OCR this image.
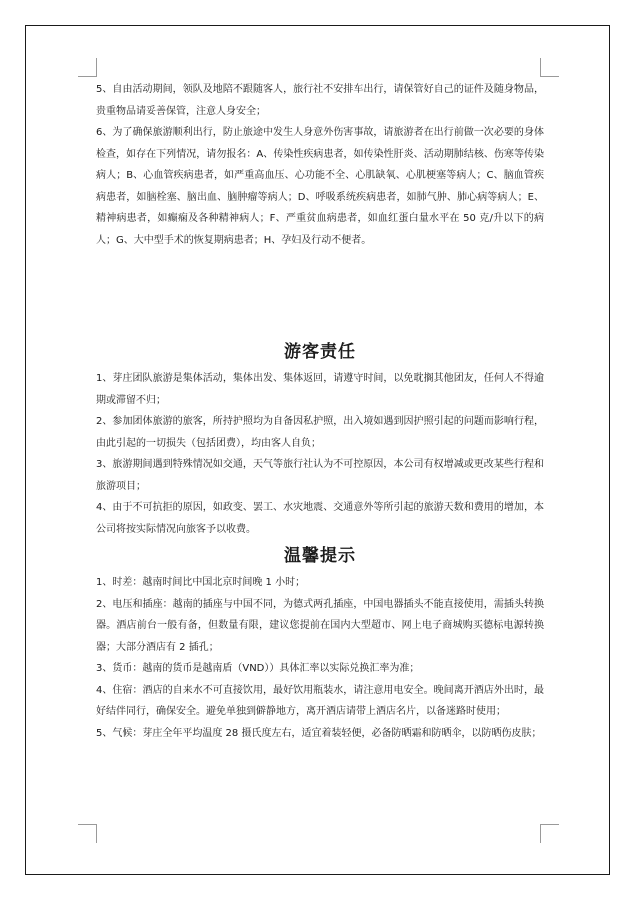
5、自由活动期间，领队及地陪不跟随客人，旅行社不安排车出行，请保管好自己的证件及随身物品，贵重物品请妥善保管，注意人身安全；

6、为了确保旅游顺利出行，防止旅途中发生人身意外伤害事故，请旅游者在出行前做一次必要的身体检查，如存在下列情况，请勿报名：A、传染性疾病患者，如传染性肝炎、活动期肺结核、伤寒等传染病人；B、心血管疾病患者，如严重高血压、心功能不全、心肌缺氧、心肌梗塞等病人；C、脑血管疾病患者，如脑栓塞、脑出血、脑肿瘤等病人；D、呼吸系统疾病患者，如肺气肿、肺心病等病人；E、精神病患者，如癫痫及各种精神病人；F、严重贫血病患者，如血红蛋白量水平在 50 克/升以下的病人；G、大中型手术的恢复期病患者；H、孕妇及行动不便者。

游客责任

1、芽庄团队旅游是集体活动，集体出发、集体返回，请遵守时间，以免耽搁其他团友，任何人不得逾期或滞留不归；

2、参加团体旅游的旅客，所持护照均为自备因私护照，出入境如遇到因护照引起的问题而影响行程，由此引起的一切损失（包括团费），均由客人自负；

3、旅游期间遇到特殊情况如交通，天气等旅行社认为不可控原因，本公司有权增减或更改某些行程和旅游项目；

4、由于不可抗拒的原因，如政变、罢工、水灾地震、交通意外等所引起的旅游天数和费用的增加，本公司将按实际情况向旅客予以收费。

温馨提示

1、时差：越南时间比中国北京时间晚 1 小时；

2、电压和插座：越南的插座与中国不同，为德式两孔插座，中国电器插头不能直接使用，需插头转换器。酒店前台一般有备，但数量有限，建议您提前在国内大型超市、网上电子商城购买德标电源转换器；大部分酒店有 2 插孔；

3、货币：越南的货币是越南盾（VND））具体汇率以实际兑换汇率为准；

4、住宿：酒店的自来水不可直接饮用，最好饮用瓶装水，请注意用电安全。晚间离开酒店外出时，最好结伴同行，确保安全。避免单独到僻静地方，离开酒店请带上酒店名片，以备迷路时使用；

5、气候：芽庄全年平均温度 28 摄氏度左右，适宜着装轻便，必备防晒霜和防晒伞，以防晒伤皮肤；
